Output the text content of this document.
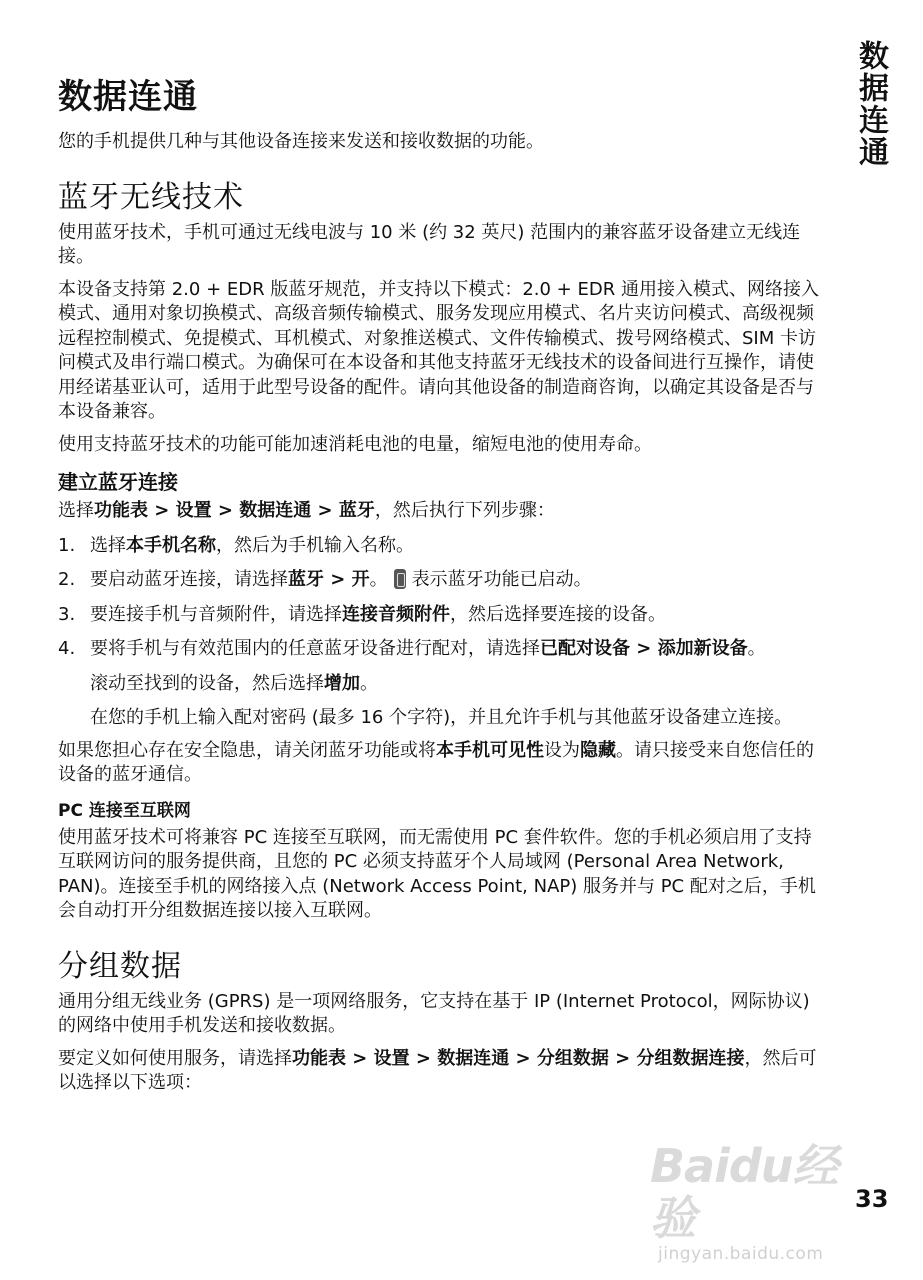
数据连通
数据连通

您的手机提供几种与其他设备连接来发送和接收数据的功能。

蓝牙无线技术

使用蓝牙技术，手机可通过无线电波与 10 米 (约 32 英尺) 范围内的兼容蓝牙设备建立无线连接。

本设备支持第 2.0 + EDR 版蓝牙规范，并支持以下模式：2.0 + EDR 通用接入模式、网络接入模式、通用对象切换模式、高级音频传输模式、服务发现应用模式、名片夹访问模式、高级视频远程控制模式、免提模式、耳机模式、对象推送模式、文件传输模式、拨号网络模式、SIM 卡访问模式及串行端口模式。为确保可在本设备和其他支持蓝牙无线技术的设备间进行互操作，请使用经诺基亚认可，适用于此型号设备的配件。请向其他设备的制造商咨询，以确定其设备是否与本设备兼容。

使用支持蓝牙技术的功能可能加速消耗电池的电量，缩短电池的使用寿命。

建立蓝牙连接

选择功能表 > 设置 > 数据连通 > 蓝牙，然后执行下列步骤：

1. 选择本手机名称，然后为手机输入名称。
2. 要启动蓝牙连接，请选择蓝牙 > 开。 表示蓝牙功能已启动。
3. 要连接手机与音频附件，请选择连接音频附件，然后选择要连接的设备。
4. 要将手机与有效范围内的任意蓝牙设备进行配对，请选择已配对设备 > 添加新设备。

滚动至找到的设备，然后选择增加。

在您的手机上输入配对密码 (最多 16 个字符)，并且允许手机与其他蓝牙设备建立连接。

如果您担心存在安全隐患，请关闭蓝牙功能或将本手机可见性设为隐藏。请只接受来自您信任的设备的蓝牙通信。

PC 连接至互联网

使用蓝牙技术可将兼容 PC 连接至互联网，而无需使用 PC 套件软件。您的手机必须启用了支持互联网访问的服务提供商，且您的 PC 必须支持蓝牙个人局域网 (Personal Area Network, PAN)。连接至手机的网络接入点 (Network Access Point, NAP) 服务并与 PC 配对之后，手机会自动打开分组数据连接以接入互联网。

分组数据

通用分组无线业务 (GPRS) 是一项网络服务，它支持在基于 IP (Internet Protocol，网际协议) 的网络中使用手机发送和接收数据。

要定义如何使用服务，请选择功能表 > 设置 > 数据连通 > 分组数据 > 分组数据连接，然后可以选择以下选项：

Baidu经验
jingyan.baidu.com
33
